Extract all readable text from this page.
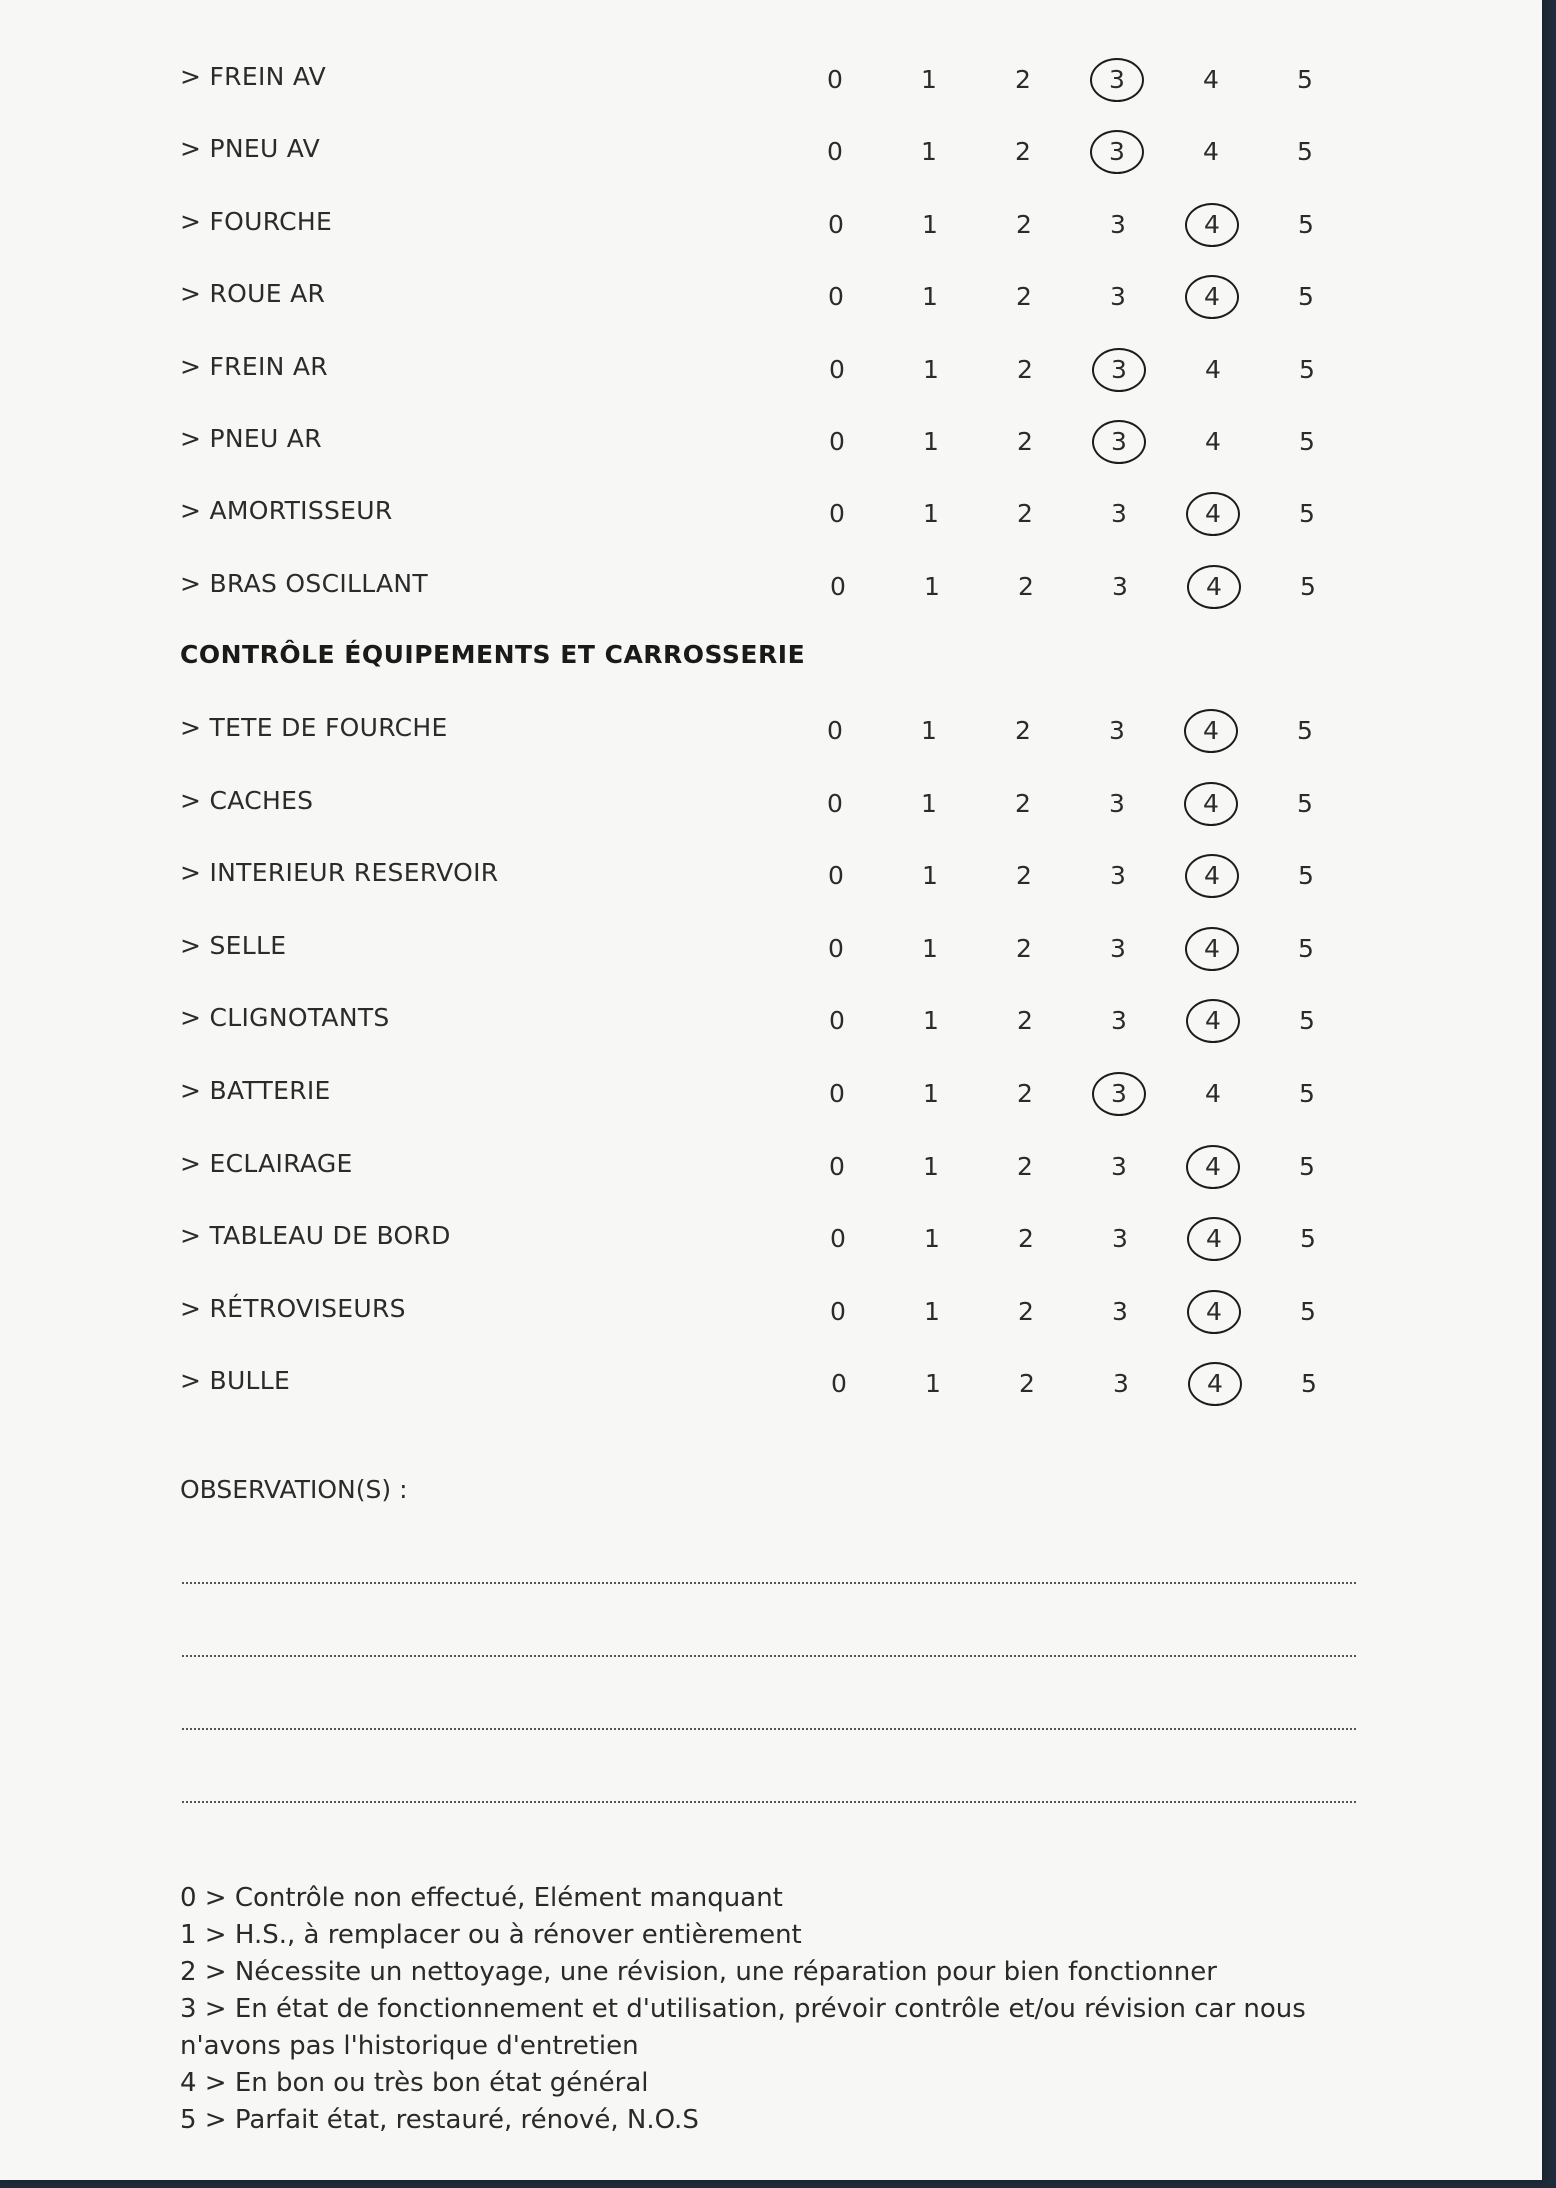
> FREIN AV	0	1	2	3	4	5
> PNEU AV	0	1	2	3	4	5
> FOURCHE	0	1	2	3	4	5
> ROUE AR	0	1	2	3	4	5
> FREIN AR	0	1	2	3	4	5
> PNEU AR	0	1	2	3	4	5
> AMORTISSEUR	0	1	2	3	4	5
> BRAS OSCILLANT	0	1	2	3	4	5
> TETE DE FOURCHE	0	1	2	3	4	5
> CACHES	0	1	2	3	4	5
> INTERIEUR RESERVOIR	0	1	2	3	4	5
> SELLE	0	1	2	3	4	5
> CLIGNOTANTS	0	1	2	3	4	5
> BATTERIE	0	1	2	3	4	5
> ECLAIRAGE	0	1	2	3	4	5
> TABLEAU DE BORD	0	1	2	3	4	5
> RÉTROVISEURS	0	1	2	3	4	5
> BULLE	0	1	2	3	4	5
CONTRÔLE ÉQUIPEMENTS ET CARROSSERIE
OBSERVATION(S) :
0 > Contrôle non effectué, Elément manquant
1 > H.S., à remplacer ou à rénover entièrement
2 > Nécessite un nettoyage, une révision, une réparation pour bien fonctionner
3 > En état de fonctionnement et d'utilisation, prévoir contrôle et/ou révision car nous n'avons pas l'historique d'entretien
4 > En bon ou très bon état général
5 > Parfait état, restauré, rénové, N.O.S
